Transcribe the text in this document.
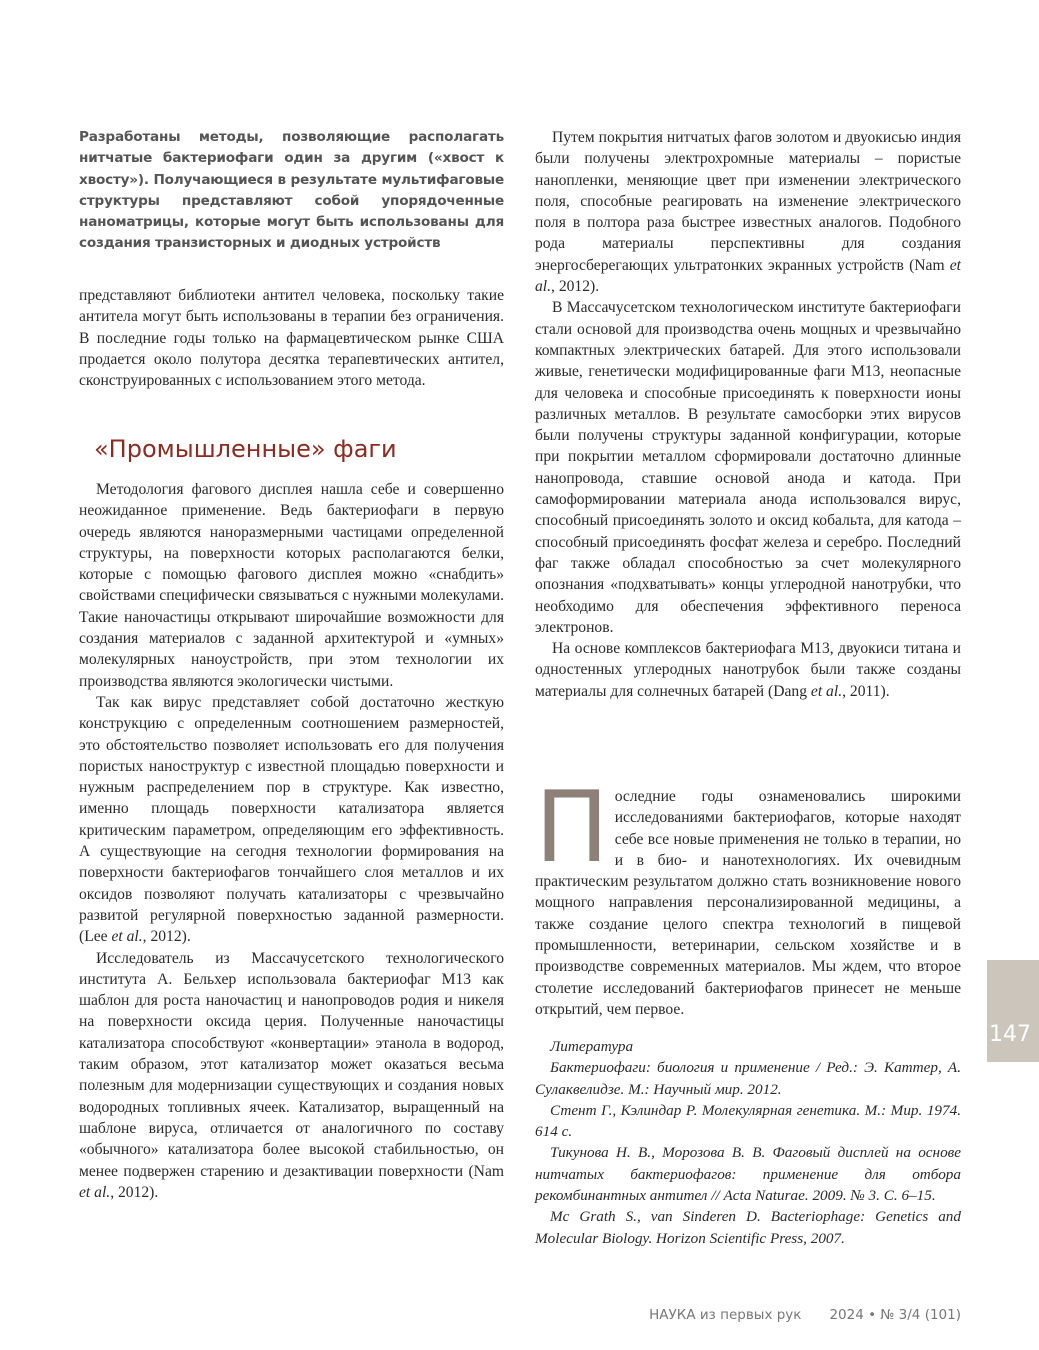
Разработаны методы, позволяющие располагать нитчатые бактериофаги один за другим («хвост к хвосту»). Получающиеся в результате мультифаговые структуры представляют собой упорядоченные наноматрицы, которые могут быть использованы для создания транзисторных и диодных устройств

представляют библиотеки антител человека, поскольку такие антитела могут быть использованы в терапии без ограничения. В последние годы только на фармацевтическом рынке США продается около полутора десятка терапевтических антител, сконструированных с использованием этого метода.

«Промышленные» фаги

Методология фагового дисплея нашла себе и совершенно неожиданное применение. Ведь бактериофаги в первую очередь являются наноразмерными частицами определенной структуры, на поверхности которых располагаются белки, которые с помощью фагового дисплея можно «снабдить» свойствами специфически связываться с нужными молекулами. Такие наночастицы открывают широчайшие возможности для создания материалов с заданной архитектурой и «умных» молекулярных наноустройств, при этом технологии их производства являются экологически чистыми.

Так как вирус представляет собой достаточно жесткую конструкцию с определенным соотношением размерностей, это обстоятельство позволяет использовать его для получения пористых наноструктур с известной площадью поверхности и нужным распределением пор в структуре. Как известно, именно площадь поверхности катализатора является критическим параметром, определяющим его эффективность. А существующие на сегодня технологии формирования на поверхности бактериофагов тончайшего слоя металлов и их оксидов позволяют получать катализаторы с чрезвычайно развитой регулярной поверхностью заданной размерности. (Lee et al., 2012).

Исследователь из Массачусетского технологического института А. Бельхер использовала бактериофаг M13 как шаблон для роста наночастиц и нанопроводов родия и никеля на поверхности оксида церия. Полученные наночастицы катализатора способствуют «конвертации» этанола в водород, таким образом, этот катализатор может оказаться весьма полезным для модернизации существующих и создания новых водородных топливных ячеек. Катализатор, выращенный на шаблоне вируса, отличается от аналогичного по составу «обычного» катализатора более высокой стабильностью, он менее подвержен старению и дезактивации поверхности (Nam et al., 2012).

Путем покрытия нитчатых фагов золотом и двуокисью индия были получены электрохромные материалы – пористые нанопленки, меняющие цвет при изменении электрического поля, способные реагировать на изменение электрического поля в полтора раза быстрее известных аналогов. Подобного рода материалы перспективны для создания энергосберегающих ультратонких экранных устройств (Nam et al., 2012).

В Массачусетском технологическом институте бактериофаги стали основой для производства очень мощных и чрезвычайно компактных электрических батарей. Для этого использовали живые, генетически модифицированные фаги M13, неопасные для человека и способные присоединять к поверхности ионы различных металлов. В результате самосборки этих вирусов были получены структуры заданной конфигурации, которые при покрытии металлом сформировали достаточно длинные нанопровода, ставшие основой анода и катода. При самоформировании материала анода использовался вирус, способный присоединять золото и оксид кобальта, для катода – способный присоединять фосфат железа и серебро. Последний фаг также обладал способностью за счет молекулярного опознания «подхватывать» концы углеродной нанотрубки, что необходимо для обеспечения эффективного переноса электронов.

На основе комплексов бактериофага M13, двуокиси титана и одностенных углеродных нанотрубок были также созданы материалы для солнечных батарей (Dang et al., 2011).

Последние годы ознаменовались широкими исследованиями бактериофагов, которые находят себе все новые применения не только в терапии, но и в био- и нанотехнологиях. Их очевидным практическим результатом должно стать возникновение нового мощного направления персонализированной медицины, а также создание целого спектра технологий в пищевой промышленности, ветеринарии, сельском хозяйстве и в производстве современных материалов. Мы ждем, что второе столетие исследований бактериофагов принесет не меньше открытий, чем первое.

Литература

Бактериофаги: биология и применение / Ред.: Э. Каттер, А. Сулаквелидзе. М.: Научный мир. 2012.

Стент Г., Кэлиндар Р. Молекулярная генетика. М.: Мир. 1974. 614 с.

Тикунова Н. В., Морозова В. В. Фаговый дисплей на основе нитчатых бактериофагов: применение для отбора рекомбинантных антител // Acta Naturae. 2009. № 3. С. 6–15.

Mc Grath S., van Sinderen D. Bacteriophage: Genetics and Molecular Biology. Horizon Scientific Press, 2007.

147
НАУКА из первых рук 2024 • № 3/4 (101)
